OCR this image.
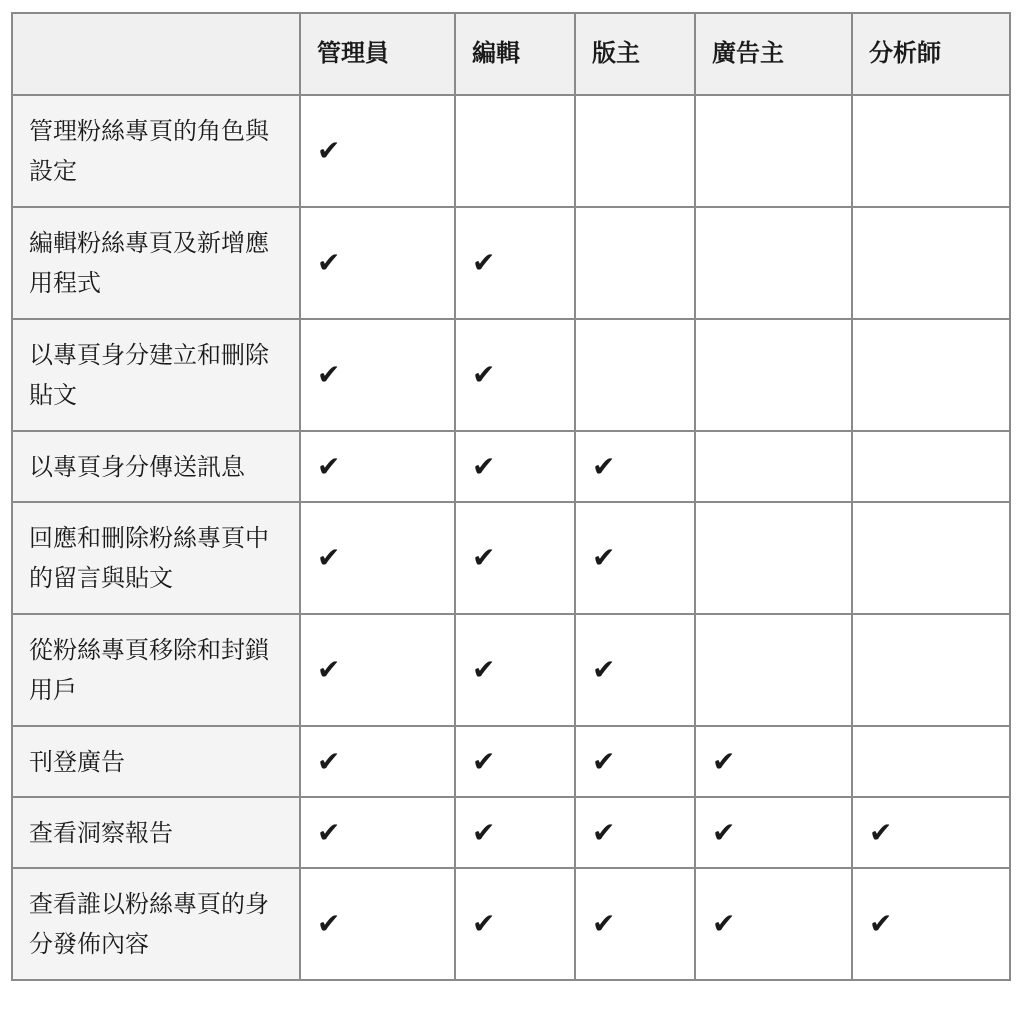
	管理員	編輯	版主	廣告主	分析師
管理粉絲專頁的角色與設定	✔				
編輯粉絲專頁及新增應用程式	✔	✔			
以專頁身分建立和刪除貼文	✔	✔			
以專頁身分傳送訊息	✔	✔	✔		
回應和刪除粉絲專頁中的留言與貼文	✔	✔	✔		
從粉絲專頁移除和封鎖用戶	✔	✔	✔		
刊登廣告	✔	✔	✔	✔	
查看洞察報告	✔	✔	✔	✔	✔
查看誰以粉絲專頁的身分發佈內容	✔	✔	✔	✔	✔
